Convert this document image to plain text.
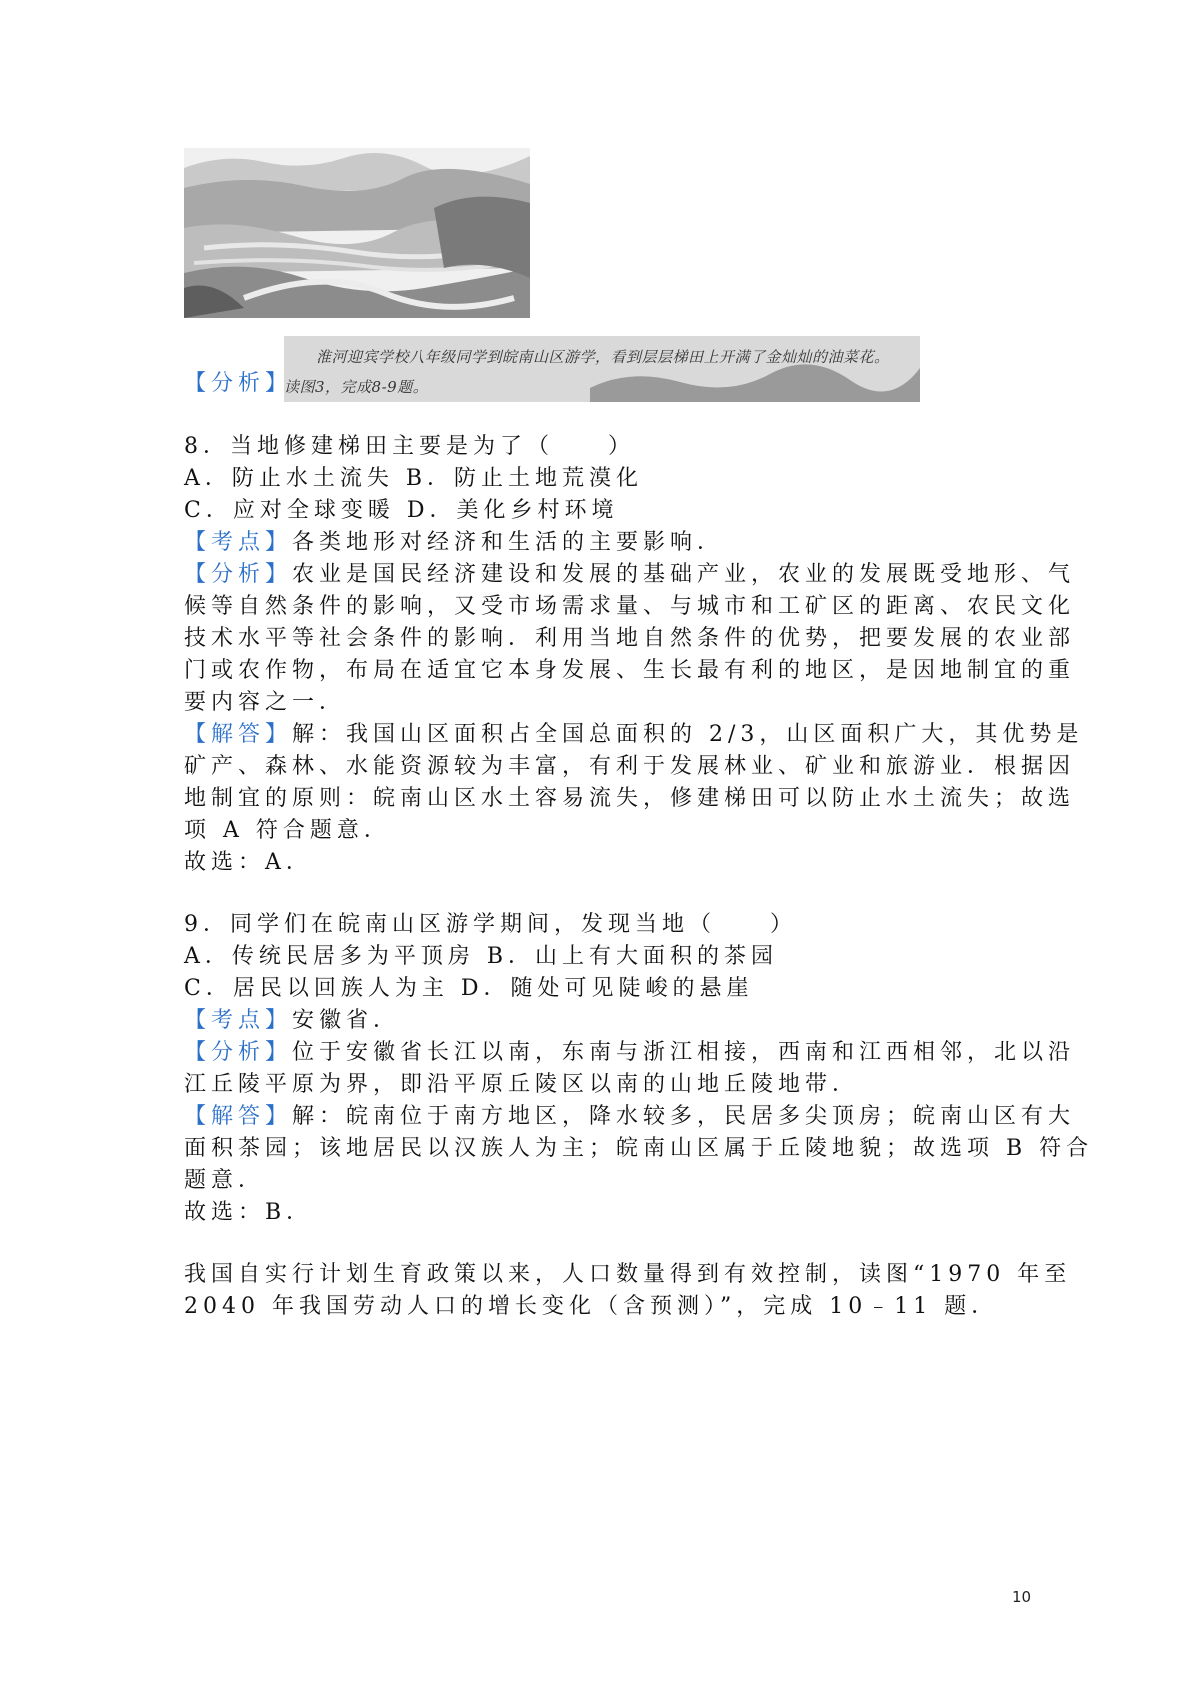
淮河迎宾学校八年级同学到皖南山区游学，看到层层梯田上开满了金灿灿的油菜花。
读图3，完成8-9题。
【分析】
8．当地修建梯田主要是为了（　　）
A．防止水土流失 B．防止土地荒漠化
C．应对全球变暖 D．美化乡村环境
【考点】各类地形对经济和生活的主要影响．
【分析】农业是国民经济建设和发展的基础产业，农业的发展既受地形、气
候等自然条件的影响，又受市场需求量、与城市和工矿区的距离、农民文化
技术水平等社会条件的影响．利用当地自然条件的优势，把要发展的农业部
门或农作物，布局在适宜它本身发展、生长最有利的地区，是因地制宜的重
要内容之一．
【解答】解：我国山区面积占全国总面积的 2/3，山区面积广大，其优势是
矿产、森林、水能资源较为丰富，有利于发展林业、矿业和旅游业．根据因
地制宜的原则：皖南山区水土容易流失，修建梯田可以防止水土流失；故选
项 A 符合题意．
故选：A．
9．同学们在皖南山区游学期间，发现当地（　　）
A．传统民居多为平顶房 B．山上有大面积的茶园
C．居民以回族人为主 D．随处可见陡峻的悬崖
【考点】安徽省．
【分析】位于安徽省长江以南，东南与浙江相接，西南和江西相邻，北以沿
江丘陵平原为界，即沿平原丘陵区以南的山地丘陵地带．
【解答】解：皖南位于南方地区，降水较多，民居多尖顶房；皖南山区有大
面积茶园；该地居民以汉族人为主；皖南山区属于丘陵地貌；故选项 B 符合
题意．
故选：B．
我国自实行计划生育政策以来，人口数量得到有效控制，读图“1970 年至
2040 年我国劳动人口的增长变化（含预测）”，完成 10﹣11 题．
10
